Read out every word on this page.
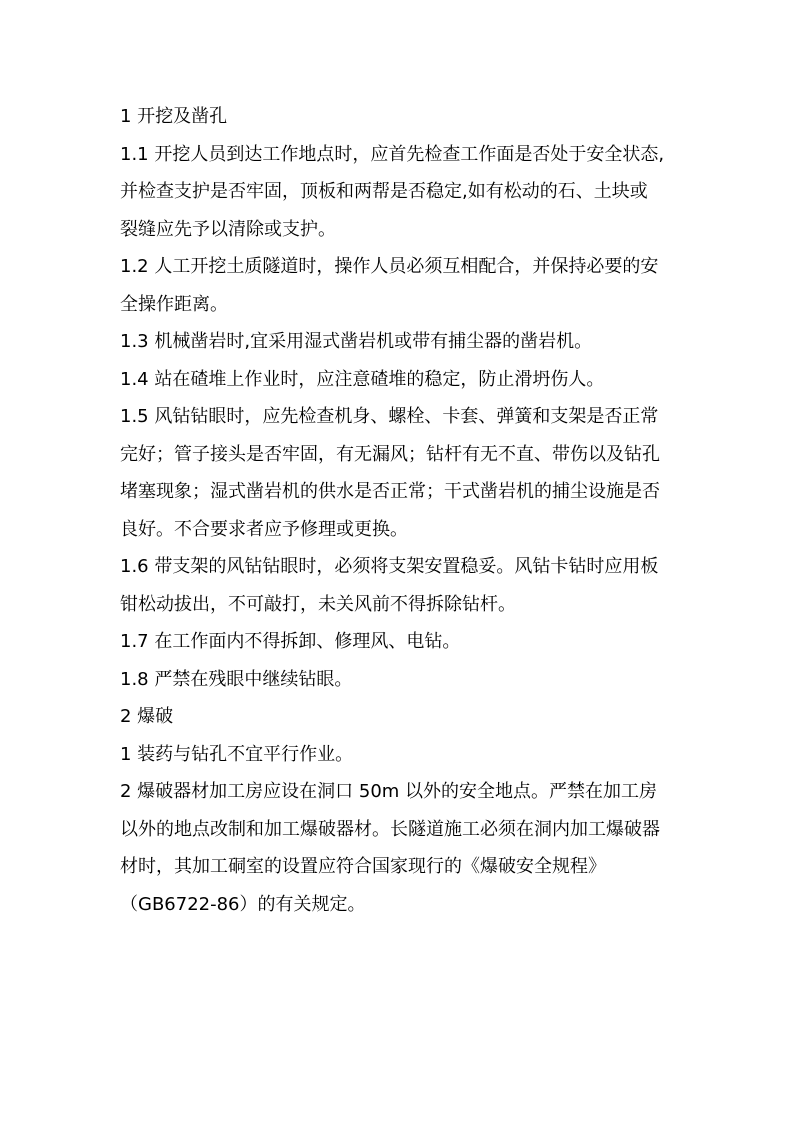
1 开挖及凿孔
1.1 开挖人员到达工作地点时，应首先检查工作面是否处于安全状态,
并检查支护是否牢固，顶板和两帮是否稳定,如有松动的石、土块或
裂缝应先予以清除或支护。
1.2 人工开挖土质隧道时，操作人员必须互相配合，并保持必要的安
全操作距离。
1.3 机械凿岩时,宜采用湿式凿岩机或带有捕尘器的凿岩机。
1.4 站在碴堆上作业时，应注意碴堆的稳定，防止滑坍伤人。
1.5 风钻钻眼时，应先检查机身、螺栓、卡套、弹簧和支架是否正常
完好；管子接头是否牢固，有无漏风；钻杆有无不直、带伤以及钻孔
堵塞现象；湿式凿岩机的供水是否正常；干式凿岩机的捕尘设施是否
良好。不合要求者应予修理或更换。
1.6 带支架的风钻钻眼时，必须将支架安置稳妥。风钻卡钻时应用板
钳松动拔出，不可敲打，未关风前不得拆除钻杆。
1.7 在工作面内不得拆卸、修理风、电钻。
1.8 严禁在残眼中继续钻眼。
2 爆破
1 装药与钻孔不宜平行作业。
2 爆破器材加工房应设在洞口 50m 以外的安全地点。严禁在加工房
以外的地点改制和加工爆破器材。长隧道施工必须在洞内加工爆破器
材时，其加工硐室的设置应符合国家现行的《爆破安全规程》
（GB6722-86）的有关规定。
